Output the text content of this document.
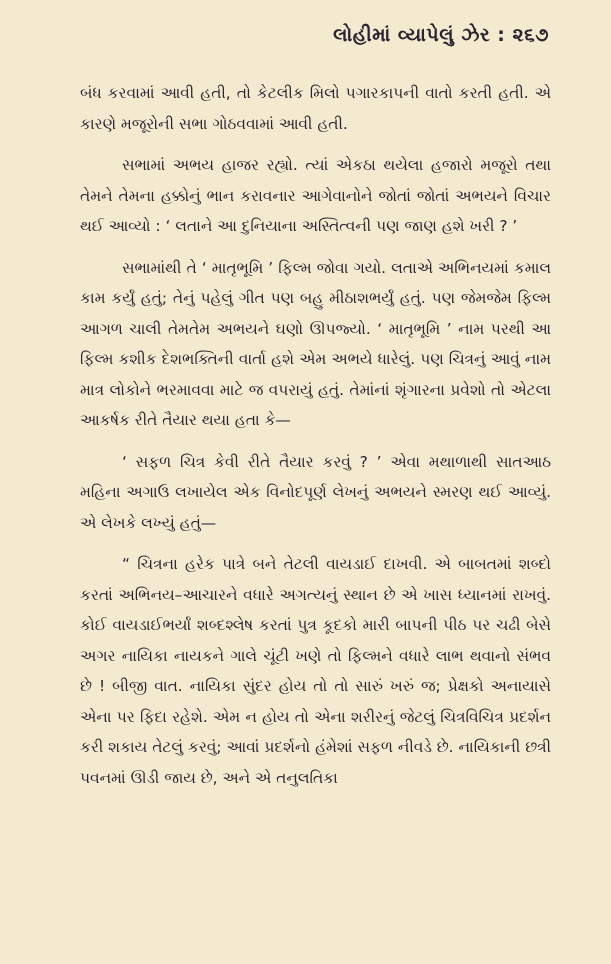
લોહીમાં વ્યાપેલું ઝેર : ૨૬૭

બંધ કરવામાં આવી હતી, તો કેટલીક મિલો પગારકાપની વાતો કરતી હતી. એ કારણે મજૂરોની સભા ગોઠવવામાં આવી હતી.

સભામાં અભય હાજર રહ્યો. ત્યાં એકઠા થયેલા હજારો મજૂરો તથા તેમને તેમના હક્કોનું ભાન કરાવનાર આગેવાનોને જોતાં જોતાં અભયને વિચાર થઈ આવ્યો : ‘ લતાને આ દુનિયાના અસ્તિત્વની પણ જાણ હશે ખરી ? ’

સભામાંથી તે ‘ માતૃભૂમિ ’ ફિલ્મ જોવા ગયો. લતાએ અભિનયમાં કમાલ કામ કર્યું હતું; તેનું પહેલું ગીત પણ બહુ મીઠાશભર્યું હતું. પણ જેમજેમ ફિલ્મ આગળ ચાલી તેમતેમ અભયને ઘણો ઊપજ્યો. ‘ માતૃભૂમિ ’ નામ પરથી આ ફિલ્મ કશીક દેશભક્તિની વાર્તા હશે એમ અભયે ધારેલું. પણ ચિત્રનું આવું નામ માત્ર લોકોને ભરમાવવા માટે જ વપરાયું હતું. તેમાંનાં શૃંગારના પ્રવેશો તો એટલા આકર્ષક રીતે તૈયાર થયા હતા કે—

‘ સફળ ચિત્ર કેવી રીતે તૈયાર કરવું ? ’ એવા મથાળાથી સાતઆઠ મહિના અગાઉ લખાયેલ એક વિનોદપૂર્ણ લેખનું અભયને સ્મરણ થઈ આવ્યું. એ લેખકે લખ્યું હતું—

“ ચિત્રના હરેક પાત્રે બને તેટલી વાયડાઈ દાખવી. એ બાબતમાં શબ્દો કરતાં અભિનય–આચારને વધારે અગત્યનું સ્થાન છે એ ખાસ ધ્યાનમાં રાખવું. કોઈ વાયડાઈભર્યાં શબ્દશ્લેષ કરતાં પુત્ર કૂદકો મારી બાપની પીઠ પર ચઢી બેસે અગર નાયિકા નાયકને ગાલે ચૂંટી ખણે તો ફિલ્મને વધારે લાભ થવાનો સંભવ છે ! બીજી વાત. નાયિકા સુંદર હોય તો તો સારું ખરું જ; પ્રેક્ષકો અનાયાસે એના પર ફિદા રહેશે. એમ ન હોય તો એના શરીરનું જેટલું ચિત્રવિચિત્ર પ્રદર્શન કરી શકાય તેટલું કરવું; આવાં પ્રદર્શનો હંમેશાં સફળ નીવડે છે. નાયિકાની છત્રી પવનમાં ઊડી જાય છે, અને એ તનુલતિકા
